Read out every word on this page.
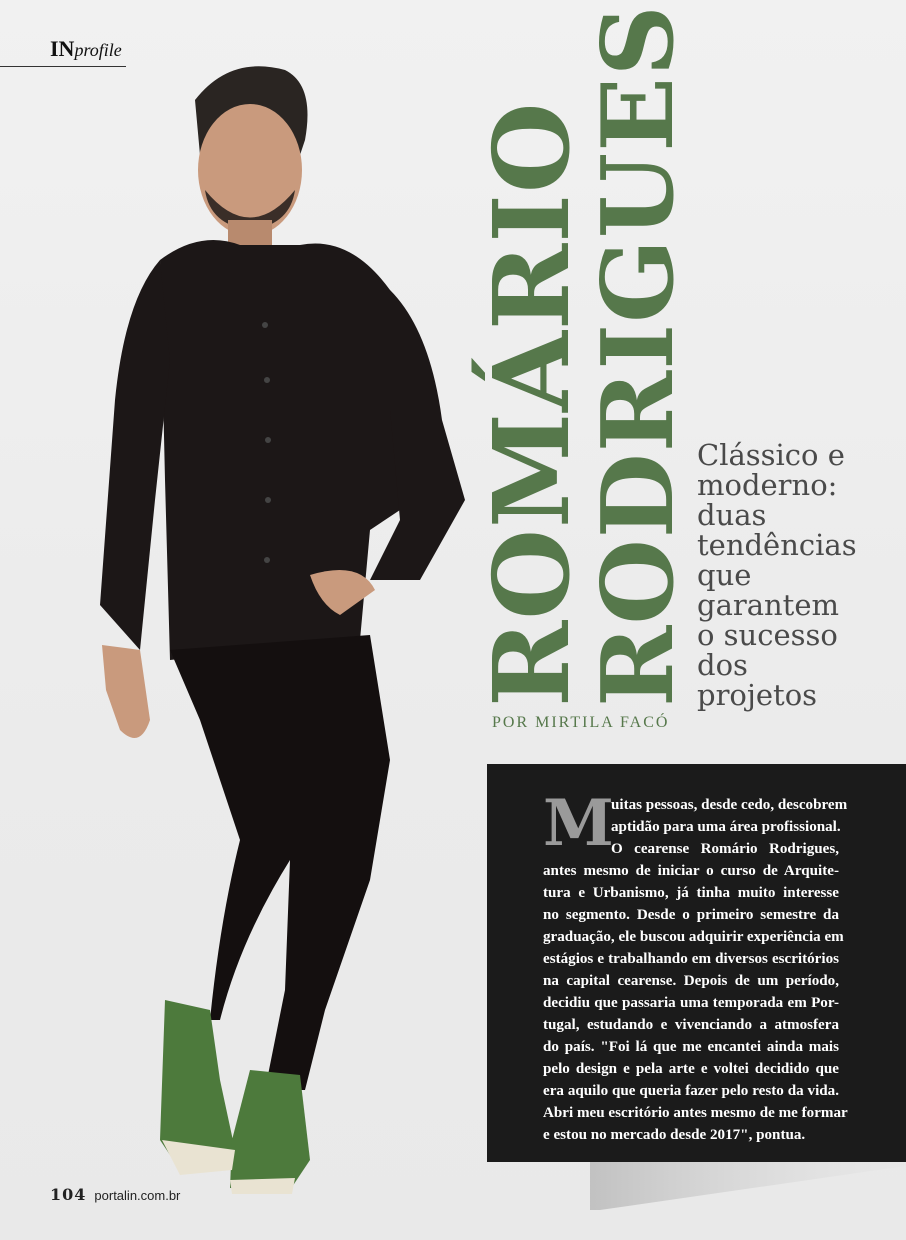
INprofile
ROMÁRIO
RODRIGUES
POR MIRTILA FACÓ
Clássico e
moderno:
duas
tendências
que
garantem
o sucesso
dos
projetos
M
uitas pessoas, desde cedo, descobrem
aptidão para uma área profissional.
O cearense Romário Rodrigues,
antes mesmo de iniciar o curso de Arquite-
tura e Urbanismo, já tinha muito interesse
no segmento. Desde o primeiro semestre da
graduação, ele buscou adquirir experiência em
estágios e trabalhando em diversos escritórios
na capital cearense. Depois de um período,
decidiu que passaria uma temporada em Por-
tugal, estudando e vivenciando a atmosfera
do país. "Foi lá que me encantei ainda mais
pelo design e pela arte e voltei decidido que
era aquilo que queria fazer pelo resto da vida.
Abri meu escritório antes mesmo de me formar
e estou no mercado desde 2017", pontua.
104 portalin.com.br
